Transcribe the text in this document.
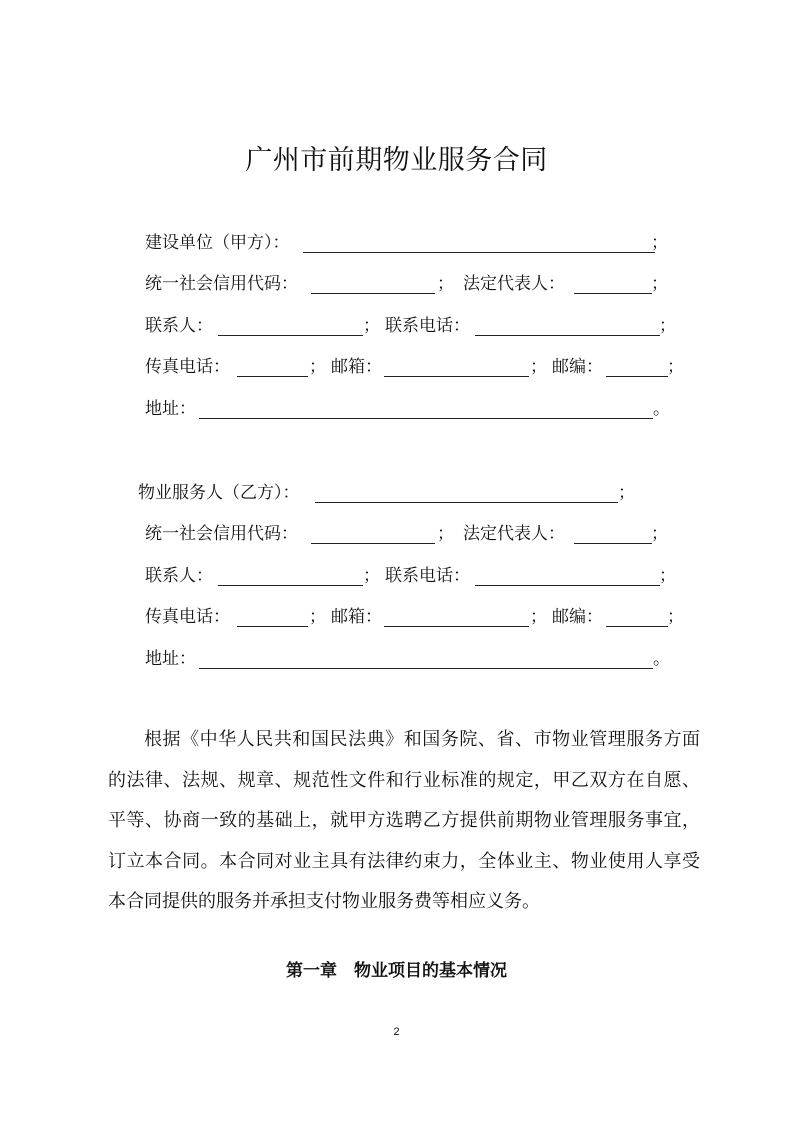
广州市前期物业服务合同
建设单位（甲方）：	；
统一社会信用代码：	； 法定代表人：	；
联系人：	； 联系电话：	；
传真电话：	； 邮箱：	； 邮编：	；
地址：	。
物业服务人（乙方）：	；
统一社会信用代码：	； 法定代表人：	；
联系人：	； 联系电话：	；
传真电话：	； 邮箱：	； 邮编：	；
地址：	。
根据《中华人民共和国民法典》和国务院、省、市物业管理服务方面的法律、法规、规章、规范性文件和行业标准的规定，甲乙双方在自愿、平等、协商一致的基础上，就甲方选聘乙方提供前期物业管理服务事宜，订立本合同。本合同对业主具有法律约束力，全体业主、物业使用人享受本合同提供的服务并承担支付物业服务费等相应义务。
第一章　物业项目的基本情况
2
